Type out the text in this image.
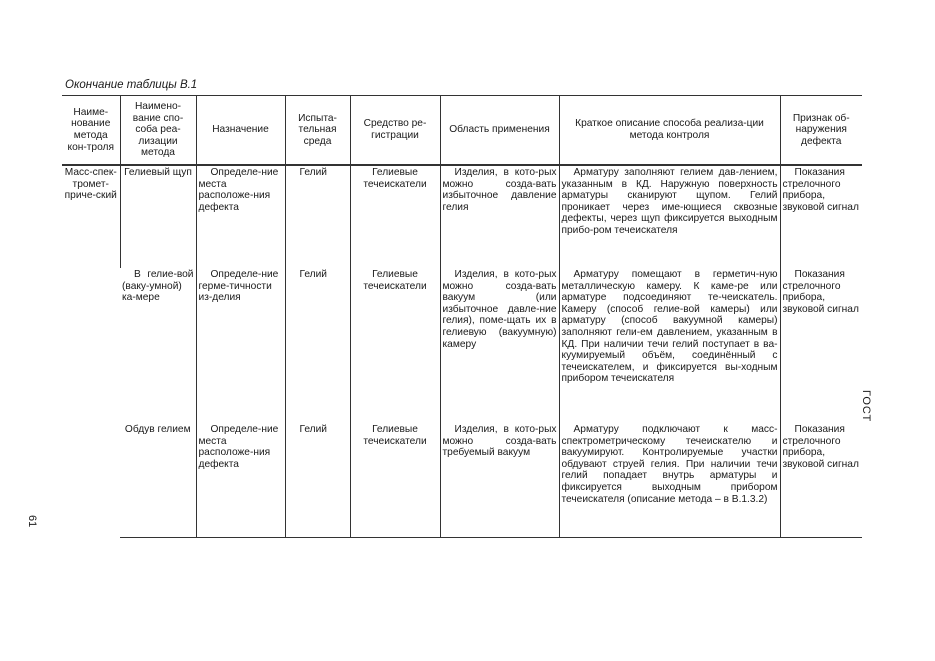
Окончание таблицы В.1
Наиме-нование метода кон-троля	Наимено-вание спо-соба реа-лизации метода	Назначение	Испыта-тельная среда	Средство ре-гистрации	Область применения	Краткое описание способа реализа-ции метода контроля	Признак об-наружения дефекта
Масс-спек-тромет-приче-ский	Гелиевый щуп	Определе-ние места расположе-ния дефекта	Гелий	Гелиевые течеискатели	Изделия, в кото-рых можно созда-вать избыточное давление гелия	Арматуру заполняют гелием дав-лением, указанным в КД. Наружную поверхность арматуры сканируют щупом. Гелий проникает через име-ющиеся сквозные дефекты, через щуп фиксируется выходным прибо-ром течеискателя	Показания стрелочного прибора, звуковой сигнал
	В гелие-вой (ваку-умной) ка-мере	Определе-ние герме-тичности из-делия	Гелий	Гелиевые течеискатели	Изделия, в кото-рых можно созда-вать вакуум (или избыточное давле-ние гелия), поме-щать их в гелиевую (вакуумную) камеру	Арматуру помещают в герметич-ную металлическую камеру. К каме-ре или арматуре подсоединяют те-чеискатель. Камеру (способ гелие-вой камеры) или арматуру (способ вакуумной камеры) заполняют гели-ем давлением, указанным в КД. При наличии течи гелий поступает в ва-куумируемый объём, соединённый с течеискателем, и фиксируется вы-ходным прибором течеискателя	Показания стрелочного прибора, звуковой сигнал
	Обдув гелием	Определе-ние места расположе-ния дефекта	Гелий	Гелиевые течеискатели	Изделия, в кото-рых можно созда-вать требуемый вакуум	Арматуру подключают к масс-спектрометрическому течеискателю и вакуумируют. Контролируемые участки обдувают струей гелия. При наличии течи гелий попадает внутрь арматуры и фиксируется выходным прибором течеискателя (описание метода – в В.1.3.2)	Показания стрелочного прибора, звуковой сигнал
ГОСТ
61
